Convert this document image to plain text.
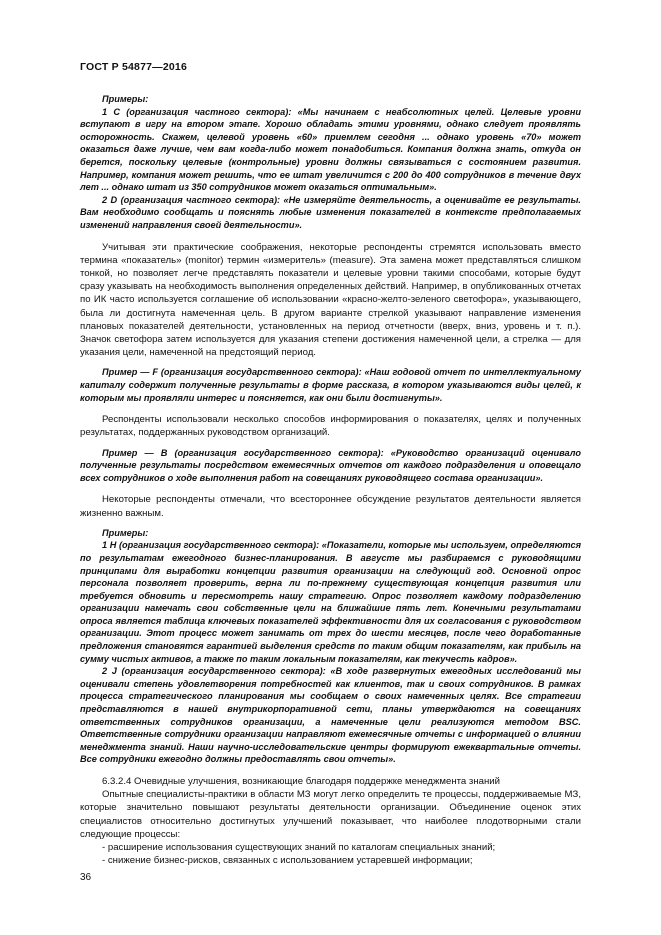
ГОСТ Р 54877—2016

Примеры:

1 C (организация частного сектора): «Мы начинаем с неабсолютных целей. Целевые уровни вступают в игру на втором этапе. Хорошо обладать этими уровнями, однако следует проявлять осторожность. Скажем, целевой уровень «60» приемлем сегодня ... однако уровень «70» может оказаться даже лучше, чем вам когда-либо может понадобиться. Компания должна знать, откуда он берется, поскольку целевые (контрольные) уровни должны связываться с состоянием развития. Например, компания может решить, что ее штат увеличится с 200 до 400 сотрудников в течение двух лет ... однако штат из 350 сотрудников может оказаться оптимальным».

2 D (организация частного сектора): «Не измеряйте деятельность, а оценивайте ее результаты. Вам необходимо сообщать и пояснять любые изменения показателей в контексте предполагаемых изменений направления своей деятельности».

Учитывая эти практические соображения, некоторые респонденты стремятся использовать вместо термина «показатель» (monitor) термин «измеритель» (measure). Эта замена может представляться слишком тонкой, но позволяет легче представлять показатели и целевые уровни такими способами, которые будут сразу указывать на необходимость выполнения определенных действий. Например, в опубликованных отчетах по ИК часто используется соглашение об использовании «красно-желто-зеленого светофора», указывающего, была ли достигнута намеченная цель. В другом варианте стрелкой указывают направление изменения плановых показателей деятельности, установленных на период отчетности (вверх, вниз, уровень и т. п.). Значок светофора затем используется для указания степени достижения намеченной цели, а стрелка — для указания цели, намеченной на предстоящий период.

Пример — F (организация государственного сектора): «Наш годовой отчет по интеллектуальному капиталу содержит полученные результаты в форме рассказа, в котором указываются виды целей, к которым мы проявляли интерес и поясняется, как они были достигнуты».

Респонденты использовали несколько способов информирования о показателях, целях и полученных результатах, поддержанных руководством организаций.

Пример — B (организация государственного сектора): «Руководство организаций оценивало полученные результаты посредством ежемесячных отчетов от каждого подразделения и оповещало всех сотрудников о ходе выполнения работ на совещаниях руководящего состава организации».

Некоторые респонденты отмечали, что всестороннее обсуждение результатов деятельности является жизненно важным.

Примеры:

1 H (организация государственного сектора): «Показатели, которые мы используем, определяются по результатам ежегодного бизнес-планирования. В августе мы разбираемся с руководящими принципами для выработки концепции развития организации на следующий год. Основной опрос персонала позволяет проверить, верна ли по-прежнему существующая концепция развития или требуется обновить и пересмотреть нашу стратегию. Опрос позволяет каждому подразделению организации намечать свои собственные цели на ближайшие пять лет. Конечными результатами опроса является таблица ключевых показателей эффективности для их согласования с руководством организации. Этот процесс может занимать от трех до шести месяцев, после чего доработанные предложения становятся гарантией выделения средств по таким общим показателям, как прибыль на сумму чистых активов, а также по таким локальным показателям, как текучесть кадров».

2 J (организация государственного сектора): «В ходе развернутых ежегодных исследований мы оценивали степень удовлетворения потребностей как клиентов, так и своих сотрудников. В рамках процесса стратегического планирования мы сообщаем о своих намеченных целях. Все стратегии представляются в нашей внутрикорпоративной сети, планы утверждаются на совещаниях ответственных сотрудников организации, а намеченные цели реализуются методом BSC. Ответственные сотрудники организации направляют ежемесячные отчеты с информацией о влиянии менеджмента знаний. Наши научно-исследовательские центры формируют ежеквартальные отчеты. Все сотрудники ежегодно должны предоставлять свои отчеты».

6.3.2.4 Очевидные улучшения, возникающие благодаря поддержке менеджмента знаний

Опытные специалисты-практики в области МЗ могут легко определить те процессы, поддерживаемые МЗ, которые значительно повышают результаты деятельности организации. Объединение оценок этих специалистов относительно достигнутых улучшений показывает, что наиболее плодотворными стали следующие процессы:

- расширение использования существующих знаний по каталогам специальных знаний;

- снижение бизнес-рисков, связанных с использованием устаревшей информации;

36
